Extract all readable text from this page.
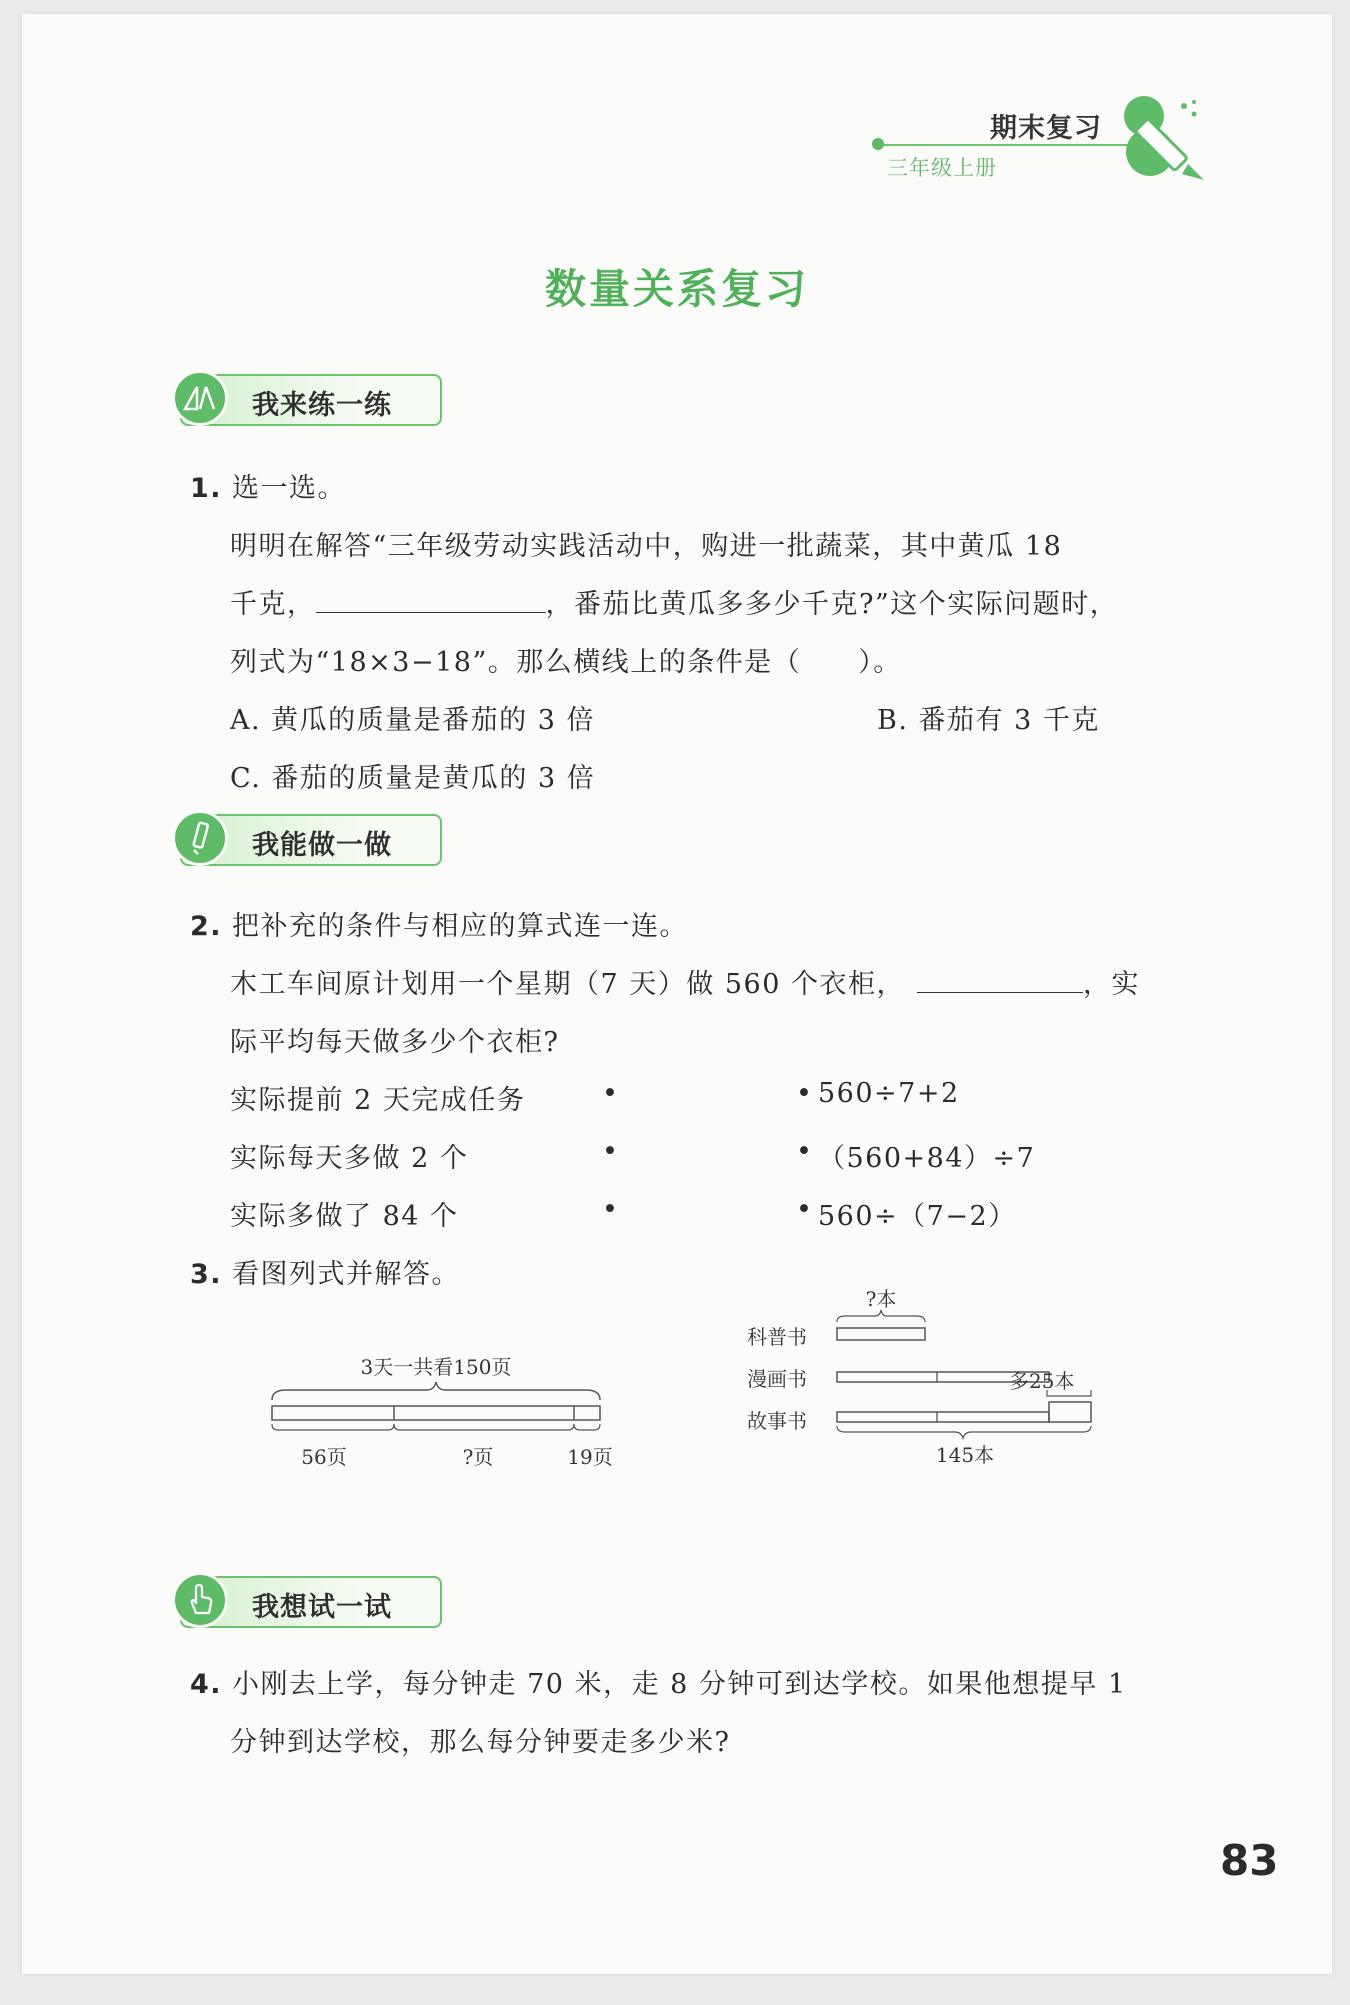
期末复习
三年级上册
数量关系复习
我来练一练
1. 选一选。
明明在解答“三年级劳动实践活动中，购进一批蔬菜，其中黄瓜 18
千克，	，番茄比黄瓜多多少千克?”这个实际问题时，
列式为“18×3−18”。那么横线上的条件是（　　）。
A. 黄瓜的质量是番茄的 3 倍	B. 番茄有 3 千克
C. 番茄的质量是黄瓜的 3 倍
我能做一做
2. 把补充的条件与相应的算式连一连。
木工车间原计划用一个星期（7 天）做 560 个衣柜，	，实
际平均每天做多少个衣柜?
实际提前 2 天完成任务
实际每天多做 2 个
实际多做了 84 个
•
•
•
•
•
•
560÷7+2
（560+84）÷7
560÷（7−2）
3. 看图列式并解答。
3天一共看150页
56页	?页	19页
?本
科普书
漫画书	多25本
故事书
145本
我想试一试
4. 小刚去上学，每分钟走 70 米，走 8 分钟可到达学校。如果他想提早 1
分钟到达学校，那么每分钟要走多少米?
83
